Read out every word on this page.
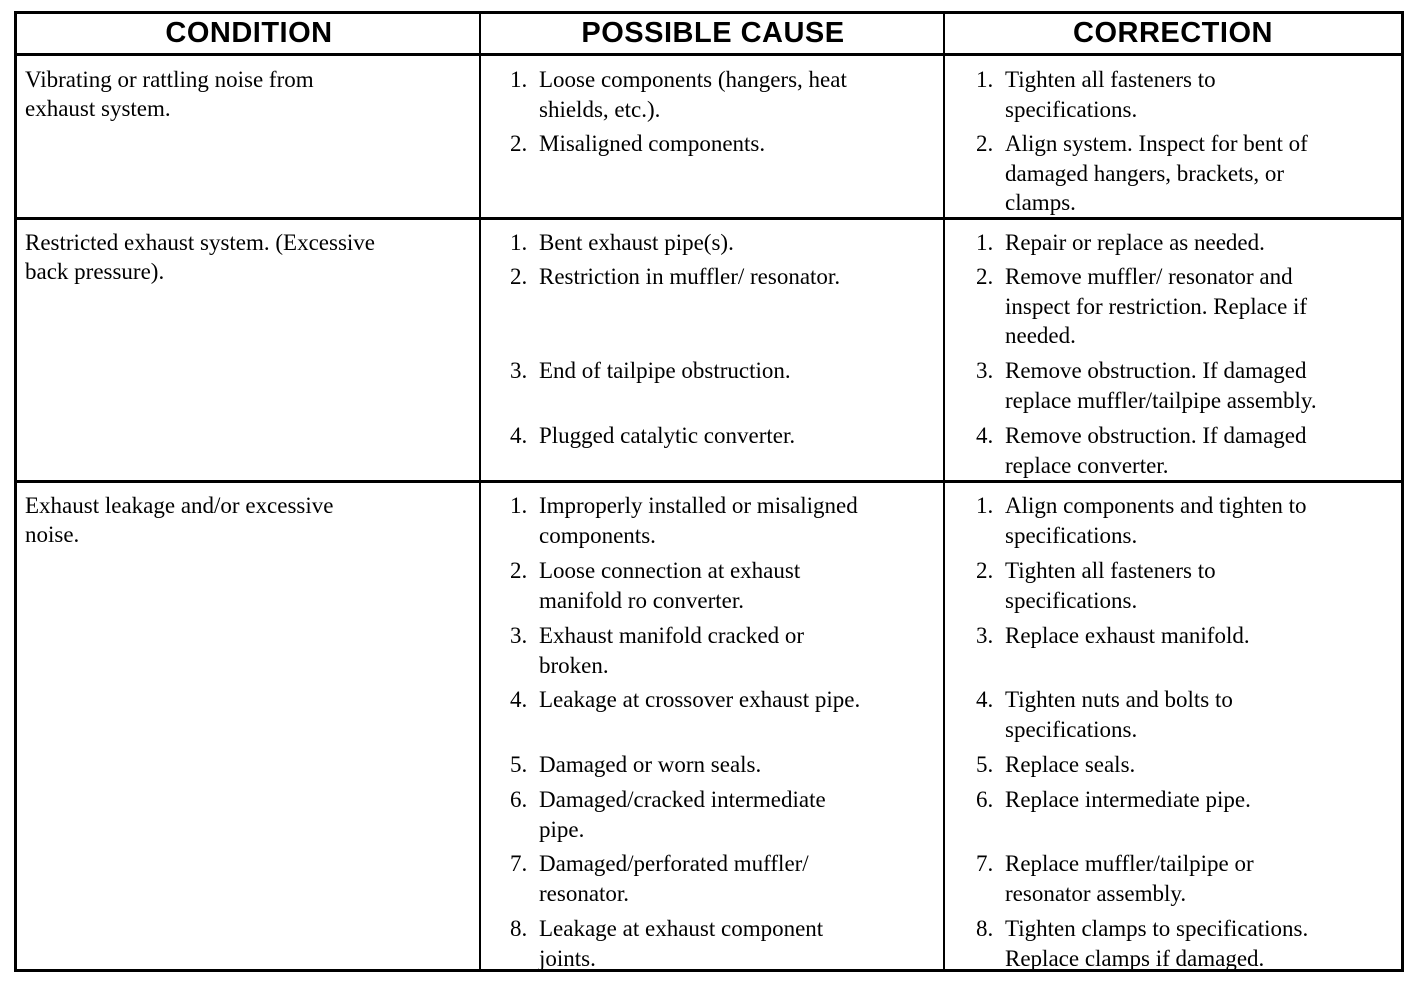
CONDITION	POSSIBLE CAUSE	CORRECTION
Vibrating or rattling noise from
exhaust system.
1. Loose components (hangers, heat
shields, etc.).
2. Misaligned components.
1. Tighten all fasteners to
specifications.
2. Align system. Inspect for bent of
damaged hangers, brackets, or
clamps.
Restricted exhaust system. (Excessive
back pressure).
1. Bent exhaust pipe(s).
2. Restriction in muffler/ resonator.
3. End of tailpipe obstruction.
4. Plugged catalytic converter.
1. Repair or replace as needed.
2. Remove muffler/ resonator and
inspect for restriction. Replace if
needed.
3. Remove obstruction. If damaged
replace muffler/tailpipe assembly.
4. Remove obstruction. If damaged
replace converter.
Exhaust leakage and/or excessive
noise.
1. Improperly installed or misaligned
components.
2. Loose connection at exhaust
manifold ro converter.
3. Exhaust manifold cracked or
broken.
4. Leakage at crossover exhaust pipe.
5. Damaged or worn seals.
6. Damaged/cracked intermediate
pipe.
7. Damaged/perforated muffler/
resonator.
8. Leakage at exhaust component
joints.
1. Align components and tighten to
specifications.
2. Tighten all fasteners to
specifications.
3. Replace exhaust manifold.
4. Tighten nuts and bolts to
specifications.
5. Replace seals.
6. Replace intermediate pipe.
7. Replace muffler/tailpipe or
resonator assembly.
8. Tighten clamps to specifications.
Replace clamps if damaged.
